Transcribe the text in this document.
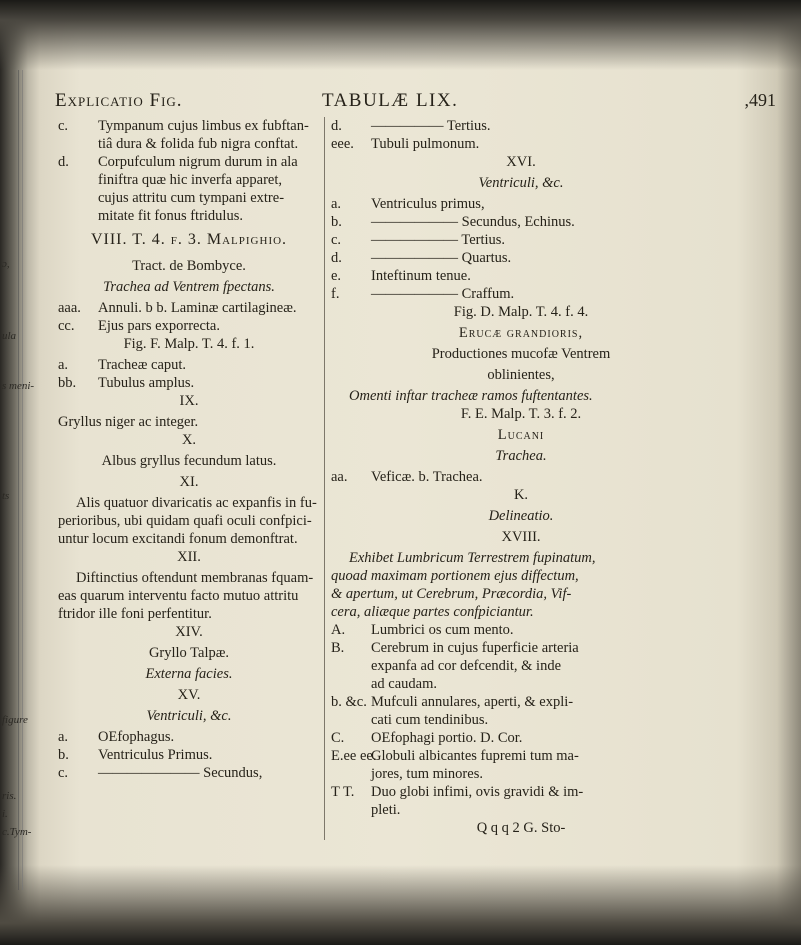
ɔ,
ula
s meni-
ts
figure
ris.
i.
c.Tym-
Explicatio Fig.	TABULÆ LIX.	,491
c. Tympanum cujus limbus ex fubftan-
tiâ dura & folida fub nigra conftat.
d. Corpufculum nigrum durum in ala
finiftra quæ hic inverfa apparet,
cujus attritu cum tympani extre-
mitate fit fonus ftridulus.
VIII. T. 4. f. 3. Malpighio.
Tract. de Bombyce.
Trachea ad Ventrem fpectans.
aaa. Annuli. b b. Laminæ cartilagineæ.
cc. Ejus pars exporrecta.
Fig. F. Malp. T. 4. f. 1.
a. Tracheæ caput.
bb. Tubulus amplus.
IX.
Gryllus niger ac integer.
X.
Albus gryllus fecundum latus.
XI.
Alis quatuor divaricatis ac expanfis in fu-
perioribus, ubi quidam quafi oculi confpici-
untur locum excitandi fonum demonftrat.
XII.
Diftinctius oftendunt membranas fquam-
eas quarum interventu facto mutuo attritu
ftridor ille foni perfentitur.
XIV.
Gryllo Talpæ.
Externa facies.
XV.
Ventriculi, &c.
a. OEfophagus.
b. Ventriculus Primus.
c. ——————— Secundus,
d. ————— Tertius.
eee. Tubuli pulmonum.
XVI.
Ventriculi, &c.
a. Ventriculus primus,
b. —————— Secundus, Echinus.
c. —————— Tertius.
d. —————— Quartus.
e. Inteftinum tenue.
f. —————— Craffum.
Fig. D. Malp. T. 4. f. 4.
Erucæ grandioris,
Productiones mucofæ Ventrem
oblinientes,
Omenti inftar tracheæ ramos fuftentantes.
F. E. Malp. T. 3. f. 2.
Lucani
Trachea.
aa. Veficæ. b. Trachea.
K.
Delineatio.
XVIII.
Exhibet Lumbricum Terrestrem fupinatum,
quoad maximam portionem ejus diffectum,
& apertum, ut Cerebrum, Præcordia, Vif-
cera, aliæque partes confpiciantur.
A. Lumbrici os cum mento.
B. Cerebrum in cujus fuperficie arteria
expanfa ad cor defcendit, & inde
ad caudam.
b. &c. Mufculi annulares, aperti, & expli-
cati cum tendinibus.
C. OEfophagi portio. D. Cor.
E.ee ee.
Globuli albicantes fupremi tum ma-
jores, tum minores.
T T. Duo globi infimi, ovis gravidi & im-
pleti.
Q q q 2 G. Sto-
